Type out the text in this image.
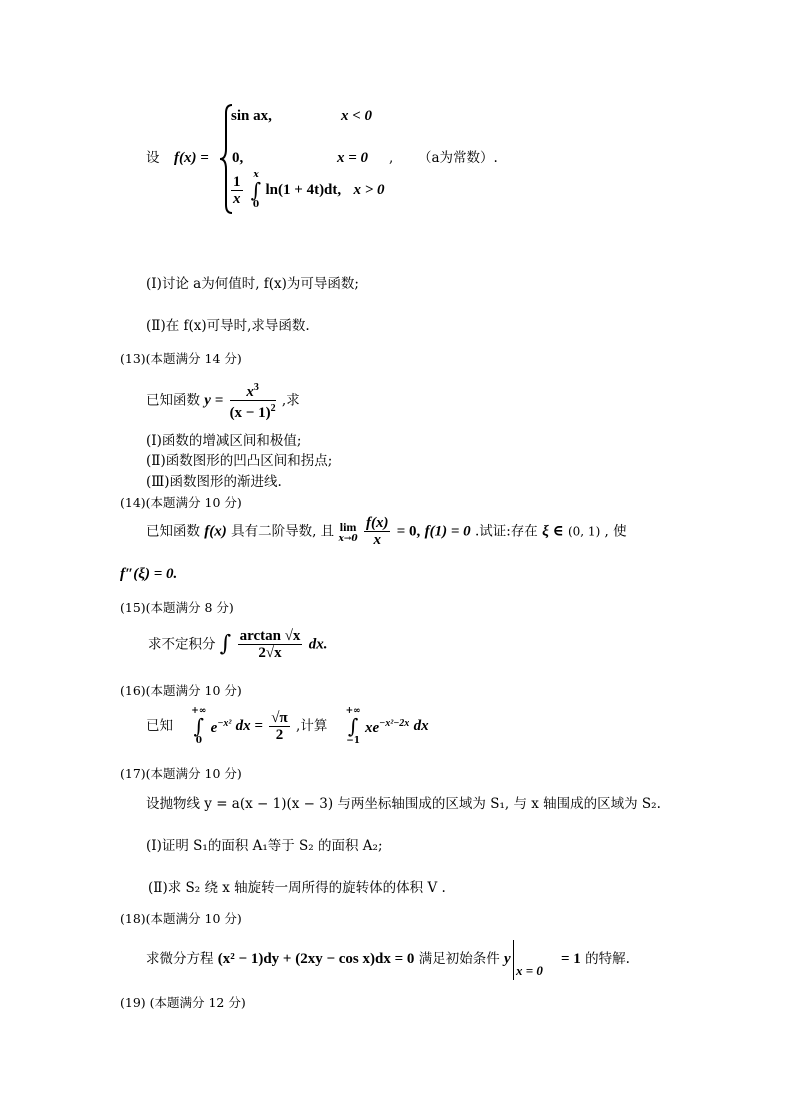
设 f(x) =
sin ax,	x < 0
0,	x = 0 , （a为常数）.
$\frac{1}{x}$
x
∫
0
ln(1 + 4t)dt, x > 0
(Ⅰ)讨论 a为何值时, f(x)为可导函数;
(Ⅱ)在 f(x)可导时,求导函数.
(13)(本题满分 14 分)
已知函数 $y = \frac{x^3}{(x - 1)^2}$ ,求
(Ⅰ)函数的增减区间和极值;
(Ⅱ)函数图形的凹凸区间和拐点;
(Ⅲ)函数图形的渐进线.
(14)(本题满分 10 分)
已知函数 f(x) 具有二阶导数, 且 lim
x→0
$\frac{f(x)}{x} = 0$, f(1) = 0 .试证:存在 ξ ∈ (0, 1) , 使
f″(ξ) = 0.
(15)(本题满分 8 分)
求不定积分 ∫ $\frac{\arctan √x}{2√x}$ dx.
(16)(本题满分 10 分)
已知
+∞
∫
0
$e^{-x^2}$ dx = $\frac{√\pi}{2}$ ,计算
+∞
∫
−1
$xe^{-x^2-2x}$ dx
(17)(本题满分 10 分)
设抛物线 y = a(x − 1)(x − 3) 与两坐标轴围成的区域为 S₁, 与 x 轴围成的区域为 S₂.
(Ⅰ)证明 S₁的面积 A₁等于 S₂ 的面积 A₂;
(Ⅱ)求 S₂ 绕 x 轴旋转一周所得的旋转体的体积 V .
(18)(本题满分 10 分)
求微分方程 (x² − 1)dy + (2xy − cos x)dx = 0 满足初始条件 y
x = 0
= 1 的特解.
(19) (本题满分 12 分)
